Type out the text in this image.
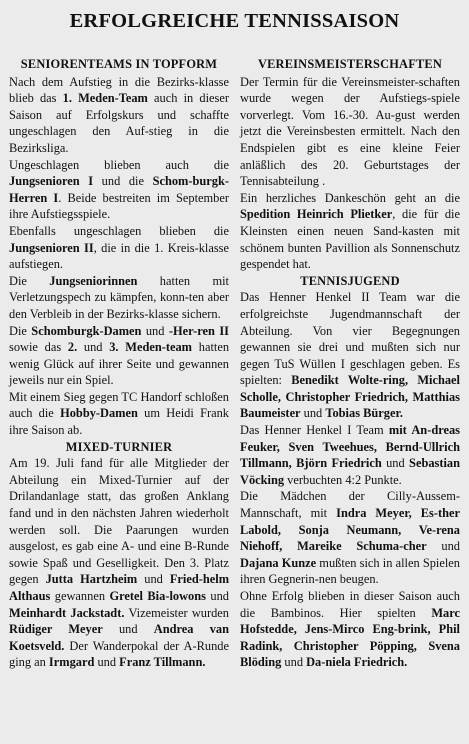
ERFOLGREICHE TENNISSAISON
SENIORENTEAMS IN TOPFORM

Nach dem Aufstieg in die Bezirks-klasse blieb das 1. Meden-Team auch in dieser Saison auf Erfolgskurs und schaffte ungeschlagen den Auf-stieg in die Bezirksliga.

Ungeschlagen blieben auch die Jungsenioren I und die Schom-burgk-Herren I. Beide bestreiten im September ihre Aufstiegsspiele.

Ebenfalls ungeschlagen blieben die Jungsenioren II, die in die 1. Kreis-klasse aufstiegen.

Die Jungseniorinnen hatten mit Verletzungspech zu kämpfen, konn-ten aber den Verbleib in der Bezirks-klasse sichern.

Die Schomburgk-Damen und -Her-ren II sowie das 2. und 3. Meden-team hatten wenig Glück auf ihrer Seite und gewannen jeweils nur ein Spiel.

Mit einem Sieg gegen TC Handorf schloßen auch die Hobby-Damen um Heidi Frank ihre Saison ab.

MIXED-TURNIER

Am 19. Juli fand für alle Mitglieder der Abteilung ein Mixed-Turnier auf der Drilandanlage statt, das großen Anklang fand und in den nächsten Jahren wiederholt werden soll. Die Paarungen wurden ausgelost, es gab eine A- und eine B-Runde sowie Spaß und Geselligkeit. Den 3. Platz gegen Jutta Hartzheim und Fried-helm Althaus gewannen Gretel Bia-lowons und Meinhardt Jackstadt. Vizemeister wurden Rüdiger Meyer und Andrea van Koetsveld. Der Wanderpokal der A-Runde ging an Irmgard und Franz Tillmann.

VEREINSMEISTERSCHAFTEN

Der Termin für die Vereinsmeister-schaften wurde wegen der Aufstiegs-spiele vorverlegt. Vom 16.-30. Au-gust werden jetzt die Vereinsbesten ermittelt. Nach den Endspielen gibt es eine kleine Feier anläßlich des 20. Geburtstages der Tennisabteilung .

Ein herzliches Dankeschön geht an die Spedition Heinrich Plietker, die für die Kleinsten einen neuen Sand-kasten mit schönem bunten Pavillion als Sonnenschutz gespendet hat.

TENNISJUGEND

Das Henner Henkel II Team war die erfolgreichste Jugendmannschaft der Abteilung. Von vier Begegnungen gewannen sie drei und mußten sich nur gegen TuS Wüllen I geschlagen geben. Es spielten: Benedikt Wolte-ring, Michael Scholle, Christopher Friedrich, Matthias Baumeister und Tobias Bürger.

Das Henner Henkel I Team mit An-dreas Feuker, Sven Tweehues, Bernd-Ullrich Tillmann, Björn Friedrich und Sebastian Vöcking verbuchten 4:2 Punkte.

Die Mädchen der Cilly-Aussem-Mannschaft, mit Indra Meyer, Es-ther Labold, Sonja Neumann, Ve-rena Niehoff, Mareike Schuma-cher und Dajana Kunze mußten sich in allen Spielen ihren Gegnerin-nen beugen.

Ohne Erfolg blieben in dieser Saison auch die Bambinos. Hier spielten Marc Hofstedde, Jens-Mirco Eng-brink, Phil Radink, Christopher Pöpping, Svena Blöding und Da-niela Friedrich.
